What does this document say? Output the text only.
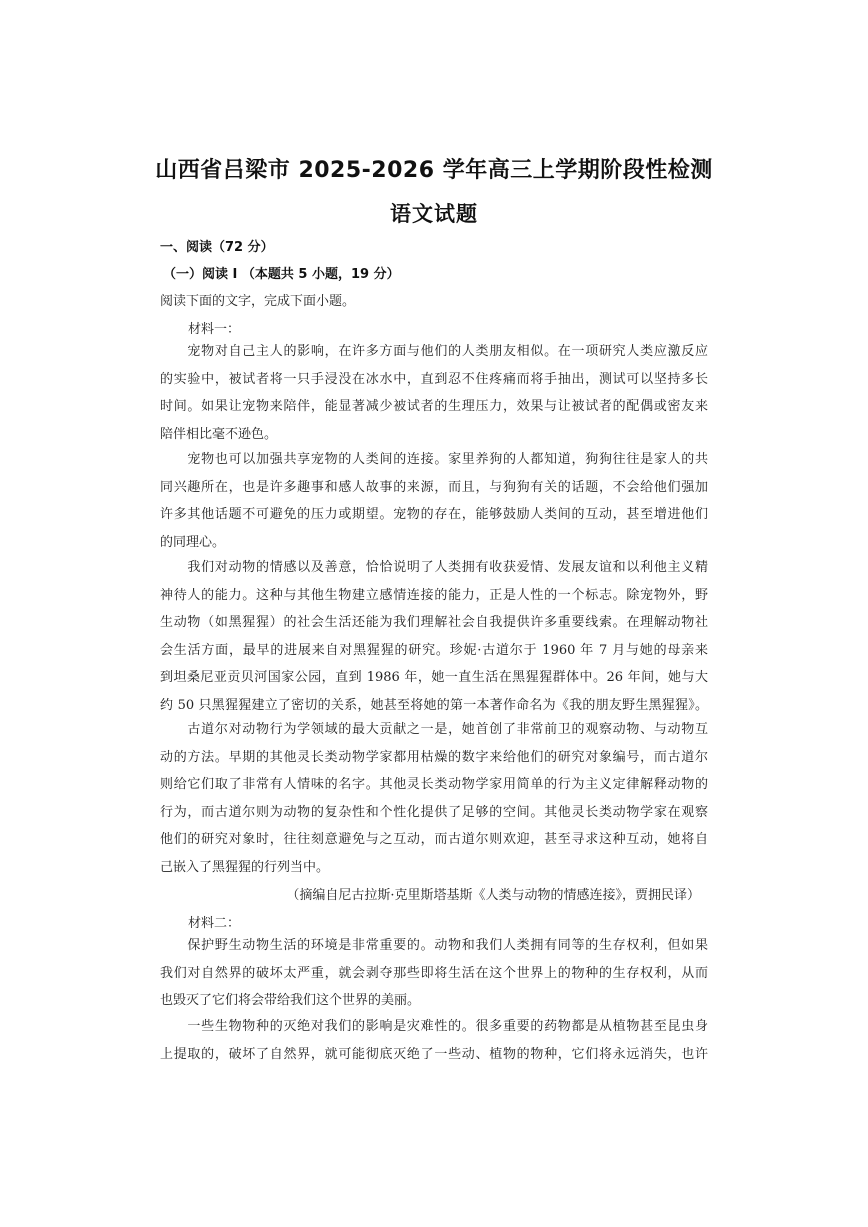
山西省吕梁市 2025-2026 学年高三上学期阶段性检测
语文试题
一、阅读（72 分）
（一）阅读 I （本题共 5 小题，19 分）
阅读下面的文字，完成下面小题。
材料一：
　　宠物对自己主人的影响，在许多方面与他们的人类朋友相似。在一项研究人类应激反应
的实验中，被试者将一只手浸没在冰水中，直到忍不住疼痛而将手抽出，测试可以坚持多长
时间。如果让宠物来陪伴，能显著减少被试者的生理压力，效果与让被试者的配偶或密友来
陪伴相比毫不逊色。
　　宠物也可以加强共享宠物的人类间的连接。家里养狗的人都知道，狗狗往往是家人的共
同兴趣所在，也是许多趣事和感人故事的来源，而且，与狗狗有关的话题，不会给他们强加
许多其他话题不可避免的压力或期望。宠物的存在，能够鼓励人类间的互动，甚至增进他们
的同理心。
　　我们对动物的情感以及善意，恰恰说明了人类拥有收获爱情、发展友谊和以利他主义精
神待人的能力。这种与其他生物建立感情连接的能力，正是人性的一个标志。除宠物外，野
生动物（如黑猩猩）的社会生活还能为我们理解社会自我提供许多重要线索。在理解动物社
会生活方面，最早的进展来自对黑猩猩的研究。珍妮·古道尔于 1960 年 7 月与她的母亲来
到坦桑尼亚贡贝河国家公园，直到 1986 年，她一直生活在黑猩猩群体中。26 年间，她与大
约 50 只黑猩猩建立了密切的关系，她甚至将她的第一本著作命名为《我的朋友野生黑猩猩》。
　　古道尔对动物行为学领域的最大贡献之一是，她首创了非常前卫的观察动物、与动物互
动的方法。早期的其他灵长类动物学家都用枯燥的数字来给他们的研究对象编号，而古道尔
则给它们取了非常有人情味的名字。其他灵长类动物学家用简单的行为主义定律解释动物的
行为，而古道尔则为动物的复杂性和个性化提供了足够的空间。其他灵长类动物学家在观察
他们的研究对象时，往往刻意避免与之互动，而古道尔则欢迎，甚至寻求这种互动，她将自
己嵌入了黑猩猩的行列当中。
（摘编自尼古拉斯·克里斯塔基斯《人类与动物的情感连接》，贾拥民译）
材料二：
　　保护野生动物生活的环境是非常重要的。动物和我们人类拥有同等的生存权利，但如果
我们对自然界的破坏太严重，就会剥夺那些即将生活在这个世界上的物种的生存权利，从而
也毁灭了它们将会带给我们这个世界的美丽。
　　一些生物物种的灭绝对我们的影响是灾难性的。很多重要的药物都是从植物甚至昆虫身
上提取的，破坏了自然界，就可能彻底灭绝了一些动、植物的物种，它们将永远消失，也许
